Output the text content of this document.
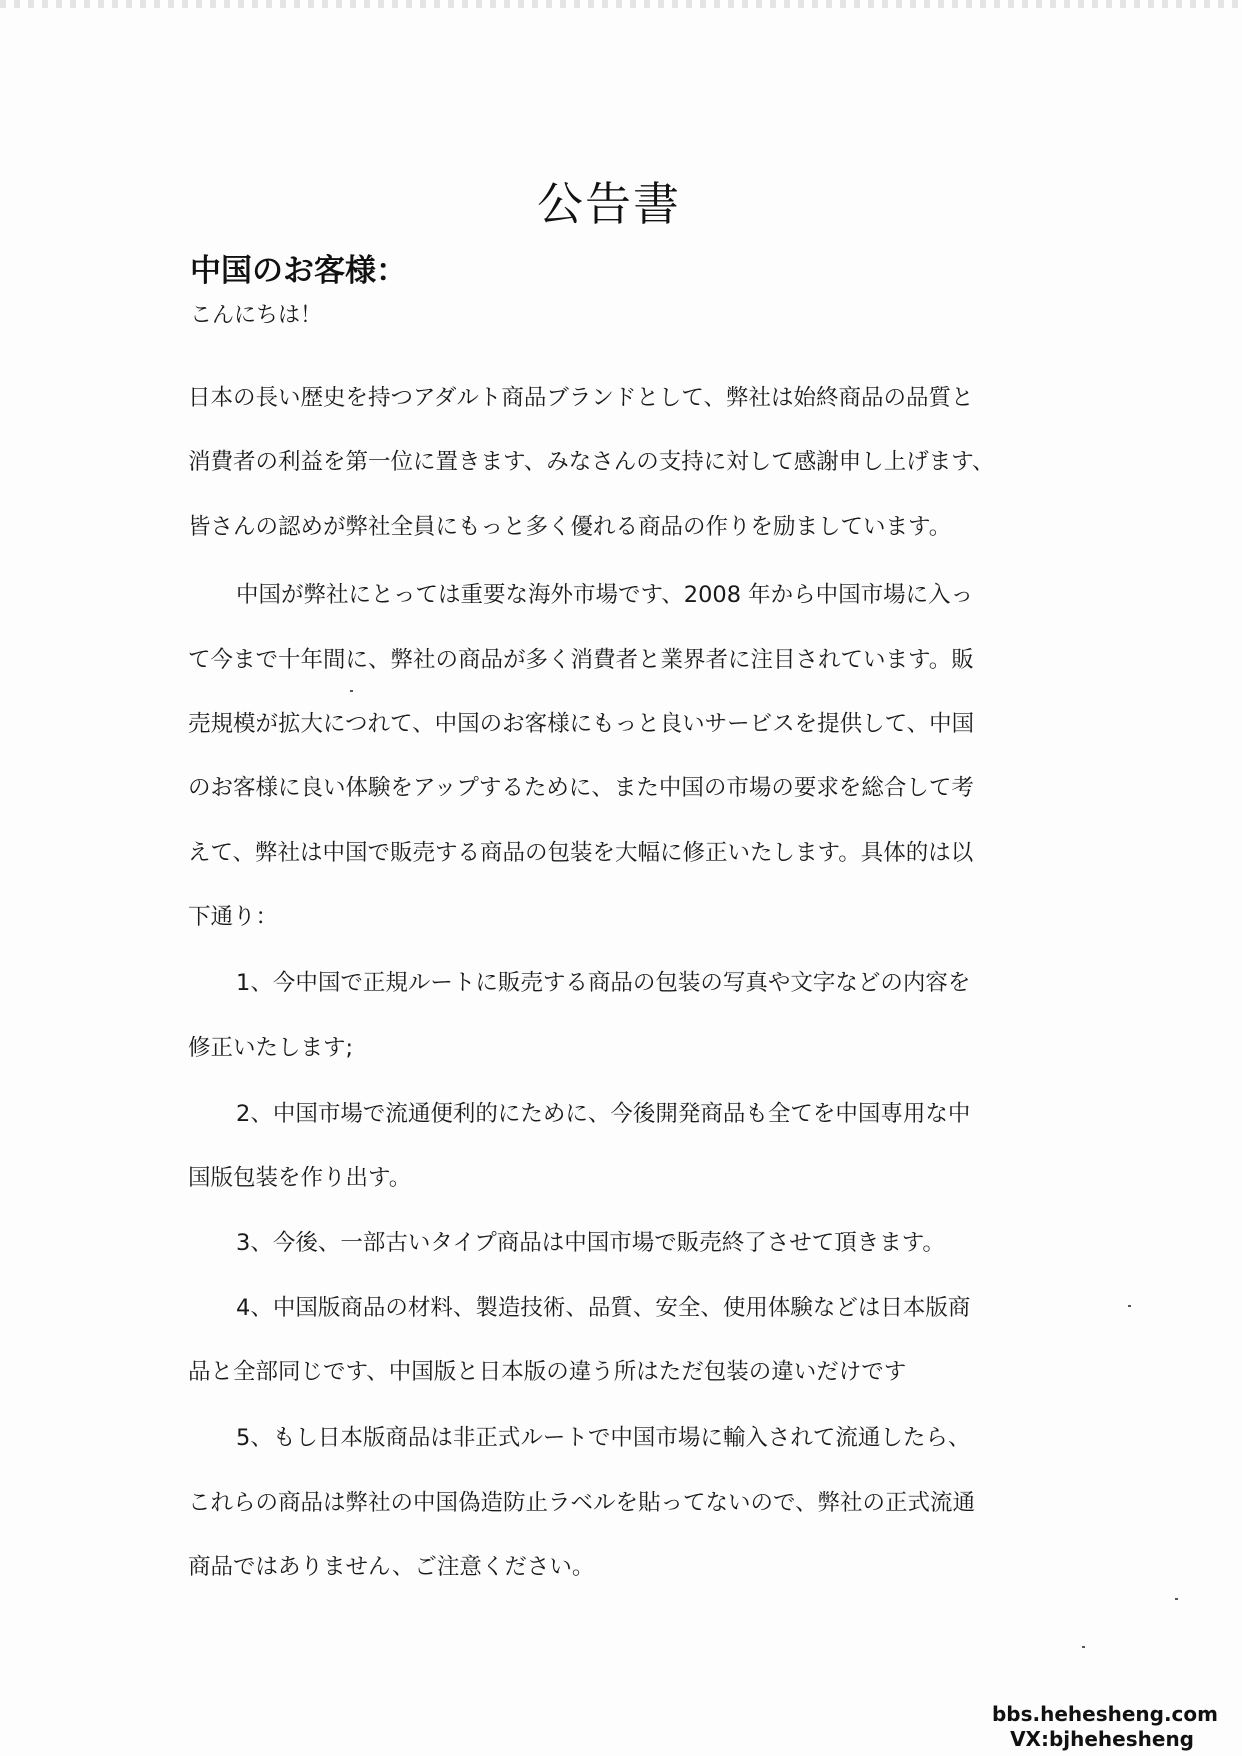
公告書
中国のお客様：
こんにちは！
日本の長い歴史を持つアダルト商品ブランドとして、弊社は始終商品の品質と
消費者の利益を第一位に置きます、みなさんの支持に対して感謝申し上げます、
皆さんの認めが弊社全員にもっと多く優れる商品の作りを励ましています。
中国が弊社にとっては重要な海外市場です、2008 年から中国市場に入っ
て今まで十年間に、弊社の商品が多く消費者と業界者に注目されています。販
売規模が拡大につれて、中国のお客様にもっと良いサービスを提供して、中国
のお客様に良い体験をアップするために、また中国の市場の要求を総合して考
えて、弊社は中国で販売する商品の包装を大幅に修正いたします。具体的は以
下通り：
1、今中国で正規ルートに販売する商品の包装の写真や文字などの内容を
修正いたします;
2、中国市場で流通便利的にために、今後開発商品も全てを中国専用な中
国版包装を作り出す。
3、今後、一部古いタイプ商品は中国市場で販売終了させて頂きます。
4、中国版商品の材料、製造技術、品質、安全、使用体験などは日本版商
品と全部同じです、中国版と日本版の違う所はただ包装の違いだけです
5、もし日本版商品は非正式ルートで中国市場に輸入されて流通したら、
これらの商品は弊社の中国偽造防止ラベルを貼ってないので、弊社の正式流通
商品ではありません、ご注意ください。
bbs.hehesheng.com
VX:bjhehesheng
